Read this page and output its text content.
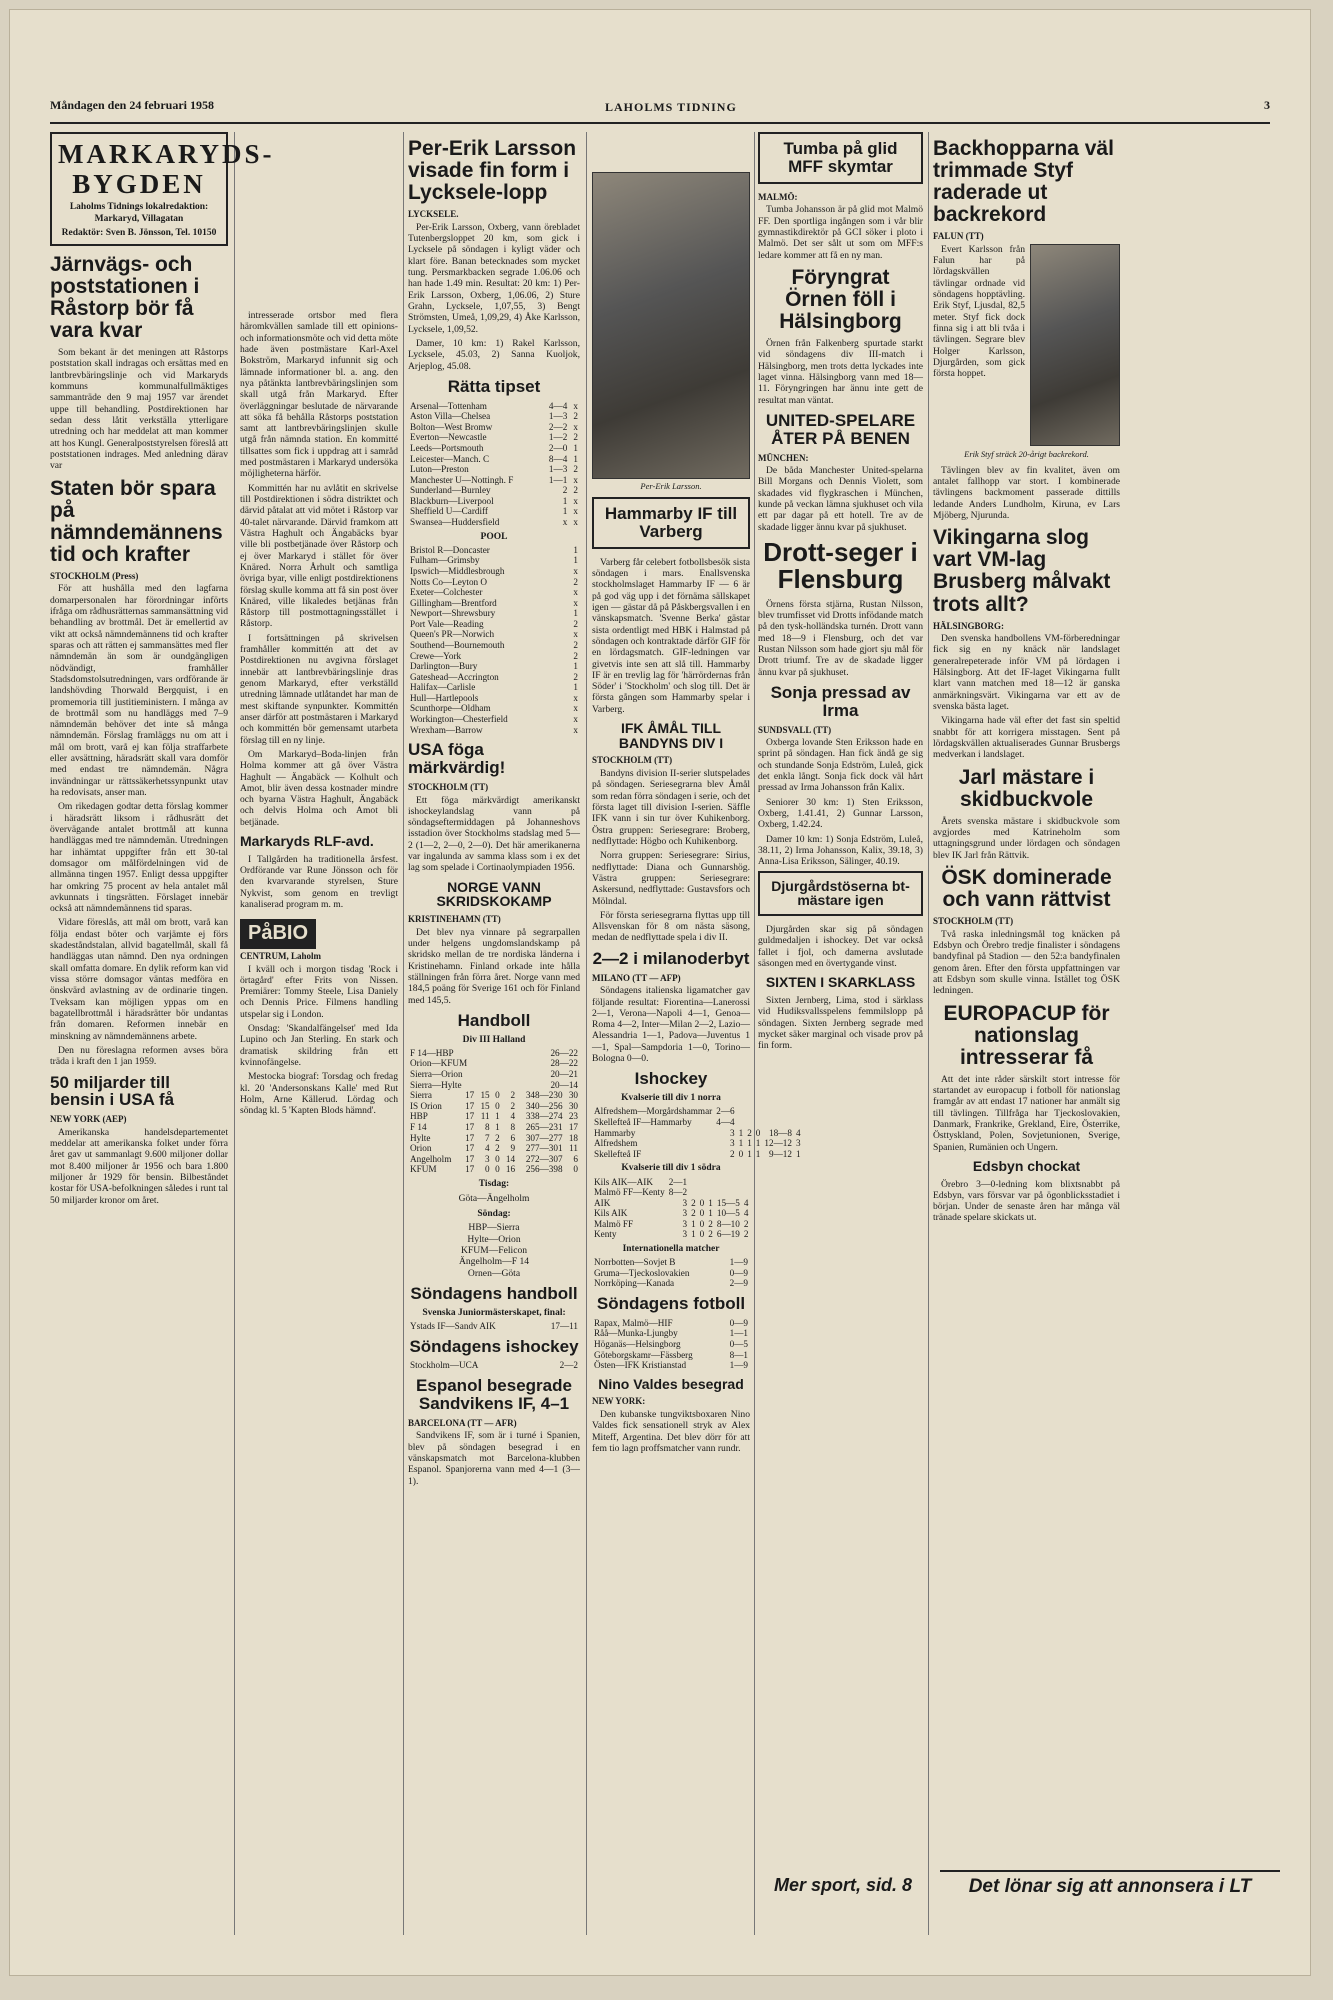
Måndagen den 24 februari 1958	LAHOLMS TIDNING	3
MARKARYDS-BYGDEN
Laholms Tidnings lokalredaktion: Markaryd, Villagatan
Redaktör: Sven B. Jönsson, Tel. 10150
Järnvägs- och poststationen i Råstorp bör få vara kvar

Som bekant är det meningen att Råstorps poststation skall indragas och ersättas med en lantbrevbäringslinje och vid Markaryds kommuns kommunalfullmäktiges sammanträde den 9 maj 1957 var ärendet uppe till behandling. Postdirektionen har sedan dess låtit verkställa ytterligare utredning och har meddelat att man kommer att hos Kungl. Generalpoststyrelsen föreslå att poststationen indrages. Med anledning därav var

Staten bör spara på nämndemännens tid och krafter

STOCKHOLM (Press)

För att hushålla med den lagfarna domarpersonalen har förordningar införts ifråga om rådhusrätternas sammansättning vid behandling av brottmål. Det är emellertid av vikt att också nämndemännens tid och krafter sparas och att rätten ej sammansättes med fler nämndemän än som är oundgängligen nödvändigt, framhåller Stadsdomstolsutredningen, vars ordförande är landshövding Thorwald Bergquist, i en promemoria till justitieministern. I många av de brottmål som nu handläggs med 7–9 nämndemän behöver det inte så många nämndemän. Förslag framläggs nu om att i mål om brott, varå ej kan följa straffarbete eller avsättning, häradsrätt skall vara domför med endast tre nämndemän. Några invändningar ur rättssäkerhetssynpunkt utav ha redovisats, anser man.

Om rikedagen godtar detta förslag kommer i häradsrätt liksom i rådhusrätt det övervägande antalet brottmål att kunna handläggas med tre nämndemän. Utredningen har inhämtat uppgifter från ett 30-tal domsagor om målfördelningen vid de allmänna tingen 1957. Enligt dessa uppgifter har omkring 75 procent av hela antalet mål avkunnats i tingsrätten. Förslaget innebär också att nämndemännens tid sparas.

Vidare föreslås, att mål om brott, varå kan följa endast böter och varjämte ej förs skadeståndstalan, allvid bagatellmål, skall få handläggas utan nämnd. Den nya ordningen skall omfatta domare. En dylik reform kan vid vissa större domsagor väntas medföra en önskvärd avlastning av de ordinarie tingen. Tveksam kan möjligen yppas om en bagatellbrottmål i häradsrätter bör undantas från domaren. Reformen innebär en minskning av nämndemännens arbete.

Den nu föreslagna reformen avses böra träda i kraft den 1 jan 1959.

50 miljarder till bensin i USA få

NEW YORK (AEP)

Amerikanska handelsdepartementet meddelar att amerikanska folket under förra året gav ut sammanlagt 9.600 miljoner dollar mot 8.400 miljoner år 1956 och bara 1.800 miljoner år 1929 för bensin. Bilbeståndet kostar för USA-befolkningen således i runt tal 50 miljarder kronor om året.

intresserade ortsbor med flera häromkvällen samlade till ett opinions- och informationsmöte och vid detta möte hade även postmästare Karl-Axel Bokström, Markaryd infunnit sig och lämnade informationer bl. a. ang. den nya påtänkta lantbrevbäringslinjen som skall utgå från Markaryd. Efter överläggningar beslutade de närvarande att söka få behålla Råstorps poststation samt att lantbrevbäringslinjen skulle utgå från nämnda station. En kommitté tillsattes som fick i uppdrag att i samråd med postmästaren i Markaryd undersöka möjligheterna härför.

Kommittén har nu avlåtit en skrivelse till Postdirektionen i södra distriktet och därvid påtalat att vid mötet i Råstorp var 40-talet närvarande. Därvid framkom att Västra Haghult och Ängabäcks byar ville bli postbetjänade över Råstorp och ej över Markaryd i stället för över Knäred. Norra Århult och samtliga övriga byar, ville enligt postdirektionens förslag skulle komma att få sin post över Knäred, ville likaledes betjänas från Råstorp till postmottagningsstället i Råstorp.

I fortsättningen på skrivelsen framhåller kommittén att det av Postdirektionen nu avgivna förslaget innebär att lantbrevbäringslinje dras genom Markaryd, efter verkställd utredning lämnade utlåtandet har man de mest skiftande synpunkter. Kommittén anser därför att postmästaren i Markaryd och kommittén bör gemensamt utarbeta förslag till en ny linje.

Om Markaryd–Boda-linjen från Holma kommer att gå över Västra Haghult — Ängabäck — Kolhult och Amot, blir även dessa kostnader mindre och byarna Västra Haghult, Ängabäck och delvis Holma och Amot bli betjänade.

Markaryds RLF-avd.

I Tallgården ha traditionella årsfest. Ordförande var Rune Jönsson och för den kvarvarande styrelsen, Sture Nykvist, som genom en trevligt kanaliserad program m. m.

PåBIO

CENTRUM, Laholm

I kväll och i morgon tisdag 'Rock i örtagård' efter Frits von Nissen. Premiärer: Tommy Steele, Lisa Daniely och Dennis Price. Filmens handling utspelar sig i London.

Onsdag: 'Skandalfängelset' med Ida Lupino och Jan Sterling. En stark och dramatisk skildring från ett kvinnofängelse.

Mestocka biograf: Torsdag och fredag kl. 20 'Andersonskans Kalle' med Rut Holm, Arne Källerud. Lördag och söndag kl. 5 'Kapten Blods hämnd'.

Per-Erik Larsson visade fin form i Lycksele-lopp

LYCKSELE.

Per-Erik Larsson, Oxberg, vann örebladet Tutenbergsloppet 20 km, som gick i Lycksele på söndagen i kyligt väder och klart före. Banan betecknades som mycket tung. Persmarkbacken segrade 1.06.06 och han hade 1.49 min. Resultat: 20 km: 1) Per-Erik Larsson, Oxberg, 1,06.06, 2) Sture Grahn, Lycksele, 1,07,55, 3) Bengt Strömsten, Umeå, 1,09,29, 4) Åke Karlsson, Lycksele, 1,09,52.

Damer, 10 km: 1) Rakel Karlsson, Lycksele, 45.03, 2) Sanna Kuoljok, Arjeplog, 45.08.

Rätta tipset
Arsenal—Tottenham	4—4	x
Aston Villa—Chelsea	1—3	2
Bolton—West Bromw	2—2	x
Everton—Newcastle	1—2	2
Leeds—Portsmouth	2—0	1
Leicester—Manch. C	8—4	1
Luton—Preston	1—3	2
Manchester U—Nottingh. F	1—1	x
Sunderland—Burnley	2	2
Blackburn—Liverpool	1	x
Sheffield U—Cardiff	1	x
Swansea—Huddersfield	x	x
POOL
Bristol R—Doncaster	1
Fulham—Grimsby	1
Ipswich—Middlesbrough	x
Notts Co—Leyton O	2
Exeter—Colchester	x
Gillingham—Brentford	x
Newport—Shrewsbury	1
Port Vale—Reading	2
Queen's PR—Norwich	x
Southend—Bournemouth	2
Crewe—York	2
Darlington—Bury	1
Gateshead—Accrington	2
Halifax—Carlisle	1
Hull—Hartlepools	x
Scunthorpe—Oldham	x
Workington—Chesterfield	x
Wrexham—Barrow	x
USA föga märkvärdig!

STOCKHOLM (TT)

Ett föga märkvärdigt amerikanskt ishockeylandslag vann på söndagseftermiddagen på Johanneshovs isstadion över Stockholms stadslag med 5—2 (1—2, 2—0, 2—0). Det här amerikanerna var ingalunda av samma klass som i ex det lag som spelade i Cortinaolympiaden 1956.

NORGE VANN SKRIDSKOKAMP

KRISTINEHAMN (TT)

Det blev nya vinnare på segrarpallen under helgens ungdomslandskamp på skridsko mellan de tre nordiska länderna i Kristinehamn. Finland orkade inte hålla ställningen från förra året. Norge vann med 184,5 poäng för Sverige 161 och för Finland med 145,5.

Handboll
Div III Halland
F 14—HBP	26—22
Orion—KFUM	28—22
Sierra—Orion	20—21
Sierra—Hylte	20—14
Sierra	17	15	0	2	348—230	30
IS Orion	17	15	0	2	340—256	30
HBP	17	11	1	4	338—274	23
F 14	17	8	1	8	265—231	17
Hylte	17	7	2	6	307—277	18
Orion	17	4	2	9	277—301	11
Angelholm	17	3	0	14	272—307	6
KFUM	17	0	0	16	256—398	0
Tisdag:
Göta—Ängelholm
Söndag:
HBP—Sierra
Hylte—Orion
KFUM—Felicon
Ängelholm—F 14
Ornen—Göta
Söndagens handboll
Svenska Juniormästerskapet, final:
Ystads IF—Sandv AIK	17—11
Söndagens ishockey
Stockholm—UCA	2—2
Espanol besegrade Sandvikens IF, 4–1

BARCELONA (TT — AFR)

Sandvikens IF, som är i turné i Spanien, blev på söndagen besegrad i en vänskapsmatch mot Barcelona-klubben Espanol. Spanjorerna vann med 4—1 (3—1).

Per-Erik Larsson.
Hammarby IF till Varberg

Varberg får celebert fotbollsbesök sista söndagen i mars. Enallsvenska stockholmslaget Hammarby IF — 6 är på god väg upp i det förnäma sällskapet igen — gästar då på Påskbergsvallen i en vänskapsmatch. 'Svenne Berka' gästar sista ordentligt med HBK i Halmstad på söndagen och kontraktade därför GIF för en lördagsmatch. GIF-ledningen var givetvis inte sen att slå till. Hammarby IF är en trevlig lag för 'härrördernas från Söder' i 'Stockholm' och slog till. Det är första gången som Hammarby spelar i Varberg.

IFK ÅMÅL TILL BANDYNS DIV I

STOCKHOLM (TT)

Bandyns division II-serier slutspelades på söndagen. Seriesegrarna blev Åmål som redan förra söndagen i serie, och det första laget till division I-serien. Säffle IFK vann i sin tur över Kuhikenborg. Östra gruppen: Seriesegrare: Broberg, nedflyttade: Högbo och Kuhikenborg.

Norra gruppen: Seriesegrare: Sirius, nedflyttade: Diana och Gunnarshög. Västra gruppen: Seriesegrare: Askersund, nedflyttade: Gustavsfors och Mölndal.

För första seriesegrarna flyttas upp till Allsvenskan för 8 om nästa säsong, medan de nedflyttade spela i div II.

2—2 i milanoderbyt

MILANO (TT — AFP)

Söndagens italienska ligamatcher gav följande resultat: Fiorentina—Lanerossi 2—1, Verona—Napoli 4—1, Genoa—Roma 4—2, Inter—Milan 2—2, Lazio—Alessandria 1—1, Padova—Juventus 1—1, Spal—Sampdoria 1—0, Torino—Bologna 0—0.

Ishockey
Kvalserie till div 1 norra
Alfredshem—Morgårdshammar	2—6					
Skellefteå IF—Hammarby	4—4					
Hammarby	3	1	2	0	18—8	4
Alfredshem	3	1	1	1	12—12	3
Skellefteå IF	2	0	1	1	9—12	1
Kvalserie till div 1 södra
Kils AIK—AIK	2—1					
Malmö FF—Kenty	8—2					
AIK	3	2	0	1	15—5	4
Kils AIK	3	2	0	1	10—5	4
Malmö FF	3	1	0	2	8—10	2
Kenty	3	1	0	2	6—19	2
Internationella matcher
Norrbotten—Sovjet B	1—9
Gruma—Tjeckoslovakien	0—9
Norrköping—Kanada	2—9
Söndagens fotboll
Rapax, Malmö—HIF	0—9
Råå—Munka-Ljungby	1—1
Höganäs—Helsingborg	0—5
Göteborgskamr—Fässberg	8—1
Östen—IFK Kristianstad	1—9
Nino Valdes besegrad

NEW YORK:

Den kubanske tungviktsboxaren Nino Valdes fick sensationell stryk av Alex Miteff, Argentina. Det blev dörr för att fem tio lagn proffsmatcher vann rundr.

Tumba på glid MFF skymtar

MALMÖ:

Tumba Johansson är på glid mot Malmö FF. Den sportliga ingången som i vår blir gymnastikdirektör på GCI söker i ploto i Malmö. Det ser sålt ut som om MFF:s ledare kommer att få en ny man.

Föryngrat Örnen föll i Hälsingborg

Örnen från Falkenberg spurtade starkt vid söndagens div III-match i Hälsingborg, men trots detta lyckades inte laget vinna. Hälsingborg vann med 18—11. Föryngringen har ännu inte gett de resultat man väntat.

UNITED-SPELARE ÅTER PÅ BENEN

MÜNCHEN:

De båda Manchester United-spelarna Bill Morgans och Dennis Violett, som skadades vid flygkraschen i München, kunde på veckan lämna sjukhuset och vila ett par dagar på ett hotell. Tre av de skadade ligger ännu kvar på sjukhuset.

Drott-seger i Flensburg

Örnens första stjärna, Rustan Nilsson, blev trumfisset vid Drotts infödande match på den tysk-holländska turnén. Drott vann med 18—9 i Flensburg, och det var Rustan Nilsson som hade gjort sju mål för Drott triumf. Tre av de skadade ligger ännu kvar på sjukhuset.

Sonja pressad av Irma

SUNDSVALL (TT)

Oxberga lovande Sten Eriksson hade en sprint på söndagen. Han fick ändå ge sig och stundande Sonja Edström, Luleå, gick det enkla långt. Sonja fick dock väl hårt pressad av Irma Johansson från Kalix.

Seniorer 30 km: 1) Sten Eriksson, Oxberg, 1.41.41, 2) Gunnar Larsson, Oxberg, 1.42.24.

Damer 10 km: 1) Sonja Edström, Luleå, 38.11, 2) Irma Johansson, Kalix, 39.18, 3) Anna-Lisa Eriksson, Sälinger, 40.19.

Djurgårdstöserna bt-mästare igen

Djurgården skar sig på söndagen guldmedaljen i ishockey. Det var också fallet i fjol, och damerna avslutade säsongen med en övertygande vinst.

SIXTEN I SKARKLASS

Sixten Jernberg, Lima, stod i särklass vid Hudiksvallsspelens femmilslopp på söndagen. Sixten Jernberg segrade med mycket säker marginal och visade prov på fin form.

Backhopparna väl trimmade Styf raderade ut backrekord

FALUN (TT)

Evert Karlsson från Falun har på lördagskvällen tävlingar ordnade vid söndagens hopptävling. Erik Styf, Ljusdal, 82,5 meter. Styf fick dock finna sig i att bli tvåa i tävlingen. Segrare blev Holger Karlsson, Djurgården, som gick första hoppet.

Erik Styf sträck 20-årigt backrekord.

Tävlingen blev av fin kvalitet, även om antalet fallhopp var stort. I kombinerade tävlingens backmoment passerade dittills ledande Anders Lundholm, Kiruna, ev Lars Mjöberg, Njurunda.

Vikingarna slog vart VM-lag Brusberg målvakt trots allt?

HÄLSINGBORG:

Den svenska handbollens VM-förberedningar fick sig en ny knäck när landslaget generalrepeterade inför VM på lördagen i Hälsingborg. Att det IF-laget Vikingarna fullt klart vann matchen med 18—12 är ganska anmärkningsvärt. Vikingarna var ett av de svenska bästa laget.

Vikingarna hade väl efter det fast sin speltid snabbt för att korrigera misstagen. Sent på lördagskvällen aktualiserades Gunnar Brusbergs medverkan i landslaget.

Jarl mästare i skidbuckvole

Årets svenska mästare i skidbuckvole som avgjordes med Katrineholm som uttagningsgrund under lördagen och söndagen blev IK Jarl från Rättvik.

ÖSK dominerade och vann rättvist

STOCKHOLM (TT)

Två raska inledningsmål tog knäcken på Edsbyn och Örebro tredje finalister i söndagens bandyfinal på Stadion — den 52:a bandyfinalen genom åren. Efter den första uppfattningen var att Edsbyn som skulle vinna. Istället tog ÖSK ledningen.

EUROPACUP för nationslag intresserar få

Att det inte råder särskilt stort intresse för startandet av europacup i fotboll för nationslag framgår av att endast 17 nationer har anmält sig till tävlingen. Tillfråga har Tjeckoslovakien, Danmark, Frankrike, Grekland, Eire, Österrike, Östtyskland, Polen, Sovjetunionen, Sverige, Spanien, Rumänien och Ungern.

Edsbyn chockat

Örebro 3—0-ledning kom blixtsnabbt på Edsbyn, vars försvar var på ögonblicksstadiet i början. Under de senaste åren har många väl tränade spelare skickats ut.

Mer sport, sid. 8	Det lönar sig att annonsera i LT
